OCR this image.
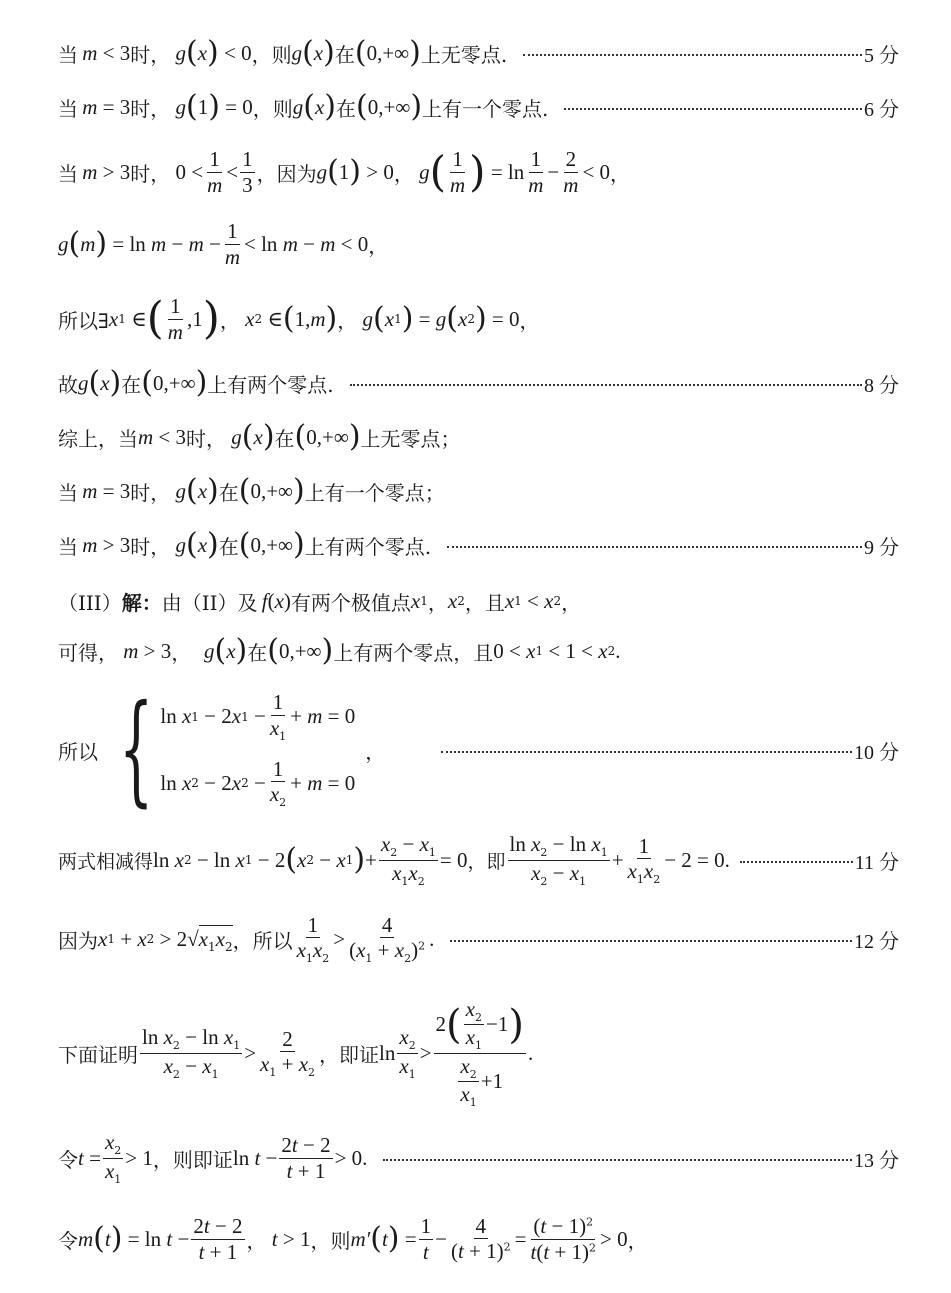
当  m < 3 时， g ( x ) < 0 ，则 g ( x ) 在 ( 0,+∞ ) 上无零点.	5 分
当  m = 3 时， g ( 1 ) = 0 ，则 g ( x ) 在 ( 0,+∞ ) 上有一个零点.	6 分
当  m > 3 时， $0 < \frac{1}{m} < \frac{1}{3}$ ，因为 g ( 1 ) > 0 ， g ( $\frac{1}{m}$ ) = $\ln \frac{1}{m} - \frac{2}{m} < 0$ ，
g ( m ) = $\ln m - m - \frac{1}{m} < \ln m - m < 0$ ，
所以∃ x 1 ∈ ( $\frac{1}{m} ,1$ ) ， x 2 ∈ ( 1, m ) ， g ( x 1 ) = g ( x 2 ) = 0 ，
故 g ( x ) 在 ( 0,+∞ ) 上有两个零点.	8 分
综上，当 m < 3 时， g ( x ) 在 ( 0,+∞ ) 上无零点；
当  m = 3 时， g ( x ) 在 ( 0,+∞ ) 上有一个零点；
当  m > 3 时， g ( x ) 在 ( 0,+∞ ) 上有两个零点.	9 分
（III） 解： 由（II）及  f ( x ) 有两个极值点 x 1 ， x 2 ，且 x 1 < x 2 ，
可得， m > 3 ， g ( x ) 在 ( 0,+∞ ) 上有两个零点，且 0 < x 1 < 1 < x 2 .
所以 { ln x 1 − 2 x $1 - \frac{1}{x_1} + m = 0$
ln x 2 − 2 x $2 - \frac{1}{x_2} + m = 0$
，	10 分
两式相减得 ln x 2 − ln x 1 − 2 ( x 2 − x 1 ) + $\frac{x_2 - x_1}{x_1x_2} = 0$ ，即 $\frac{\ln x_2 - \ln x_1}{x_2 - x_1} + \frac{1}{x_1x_2} - 2 = 0$.	11 分
因为 x 1 + x 2 > 2√ $x_1x_2$ ，所以 $\frac{1}{x_1x_2} > \frac{4}{(x_1 + x_2)^2}$ .	12 分
下面证明 $\frac{\ln x_2 - \ln x_1}{x_2 - x_1} > \frac{2}{x_1 + x_2}$ ，即证 $\ln \frac{x_2}{x_1} > \frac{2 ( \frac{x_2}{x_1} -1 )}{\frac{x_2}{x_1} +1}$ .
令 $t = \frac{x_2}{x_1} > 1$ ，则即证 $\ln t - \frac{2t - 2}{t + 1} > 0$.	13 分
令 m ( t ) = $\ln t - \frac{2t - 2}{t + 1}$ ， t > 1 ，则 m′ ( t ) = $\frac{1}{t} - \frac{4}{(t + 1)^2} = \frac{(t - 1)^2}{t(t + 1)^2} > 0$ ，
